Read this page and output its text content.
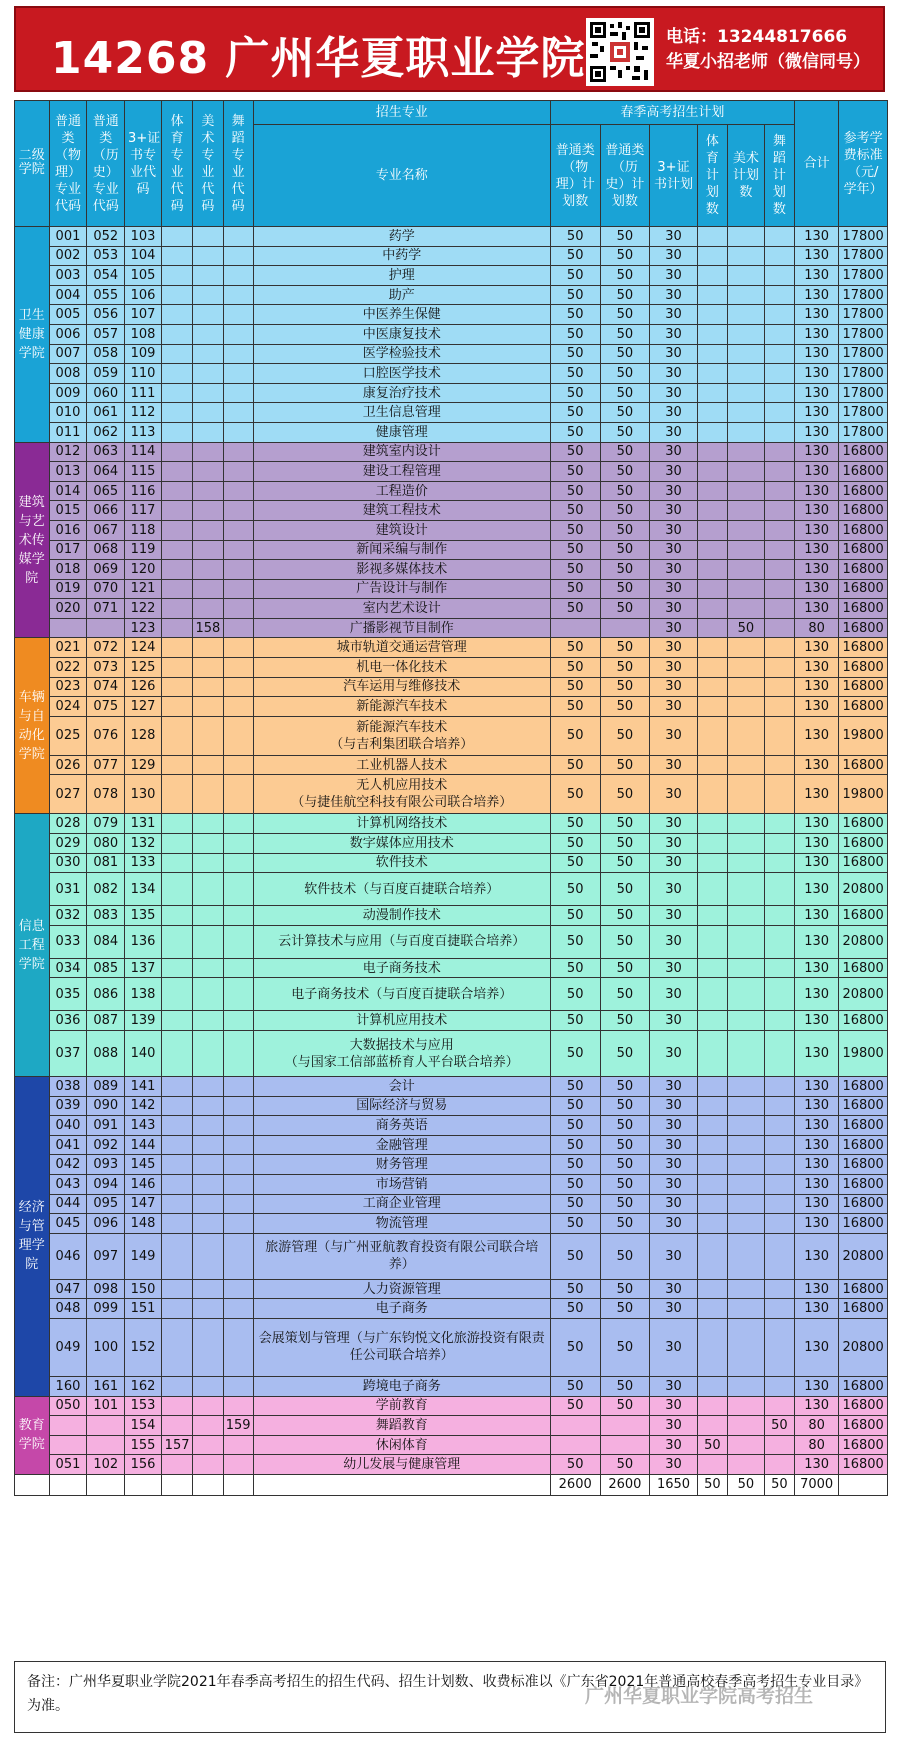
14268 广州华夏职业学院	电话：13244817666
华夏小招老师（微信同号）
二级学院	普通类（物理）专业代码	普通类（历史）专业代码	3+证书专业代码	体育专业代码	美术专业代码	舞蹈专业代码	招生专业	春季高考招生计划						合计	参考学费标准（元/学年）
							专业名称	普通类（物理）计划数	普通类（历史）计划数	3+证书计划	体育计划数	美术计划数	舞蹈计划数		
卫生健康学院	001	052	103				药学	50	50	30				130	17800
	002	053	104				中药学	50	50	30				130	17800
	003	054	105				护理	50	50	30				130	17800
	004	055	106				助产	50	50	30				130	17800
	005	056	107				中医养生保健	50	50	30				130	17800
	006	057	108				中医康复技术	50	50	30				130	17800
	007	058	109				医学检验技术	50	50	30				130	17800
	008	059	110				口腔医学技术	50	50	30				130	17800
	009	060	111				康复治疗技术	50	50	30				130	17800
	010	061	112				卫生信息管理	50	50	30				130	17800
	011	062	113				健康管理	50	50	30				130	17800
建筑与艺术传媒学院	012	063	114				建筑室内设计	50	50	30				130	16800
	013	064	115				建设工程管理	50	50	30				130	16800
	014	065	116				工程造价	50	50	30				130	16800
	015	066	117				建筑工程技术	50	50	30				130	16800
	016	067	118				建筑设计	50	50	30				130	16800
	017	068	119				新闻采编与制作	50	50	30				130	16800
	018	069	120				影视多媒体技术	50	50	30				130	16800
	019	070	121				广告设计与制作	50	50	30				130	16800
	020	071	122				室内艺术设计	50	50	30				130	16800
			123		158		广播影视节目制作			30		50		80	16800
车辆与自动化学院	021	072	124				城市轨道交通运营管理	50	50	30				130	16800
	022	073	125				机电一体化技术	50	50	30				130	16800
	023	074	126				汽车运用与维修技术	50	50	30				130	16800
	024	075	127				新能源汽车技术	50	50	30				130	16800
	025	076	128				新能源汽车技术
（与吉利集团联合培养）	50	50	30				130	19800
	026	077	129				工业机器人技术	50	50	30				130	16800
	027	078	130				无人机应用技术
（与捷佳航空科技有限公司联合培养）	50	50	30				130	19800
信息工程学院	028	079	131				计算机网络技术	50	50	30				130	16800
	029	080	132				数字媒体应用技术	50	50	30				130	16800
	030	081	133				软件技术	50	50	30				130	16800
	031	082	134				软件技术（与百度百捷联合培养）	50	50	30				130	20800
	032	083	135				动漫制作技术	50	50	30				130	16800
	033	084	136				云计算技术与应用（与百度百捷联合培养）	50	50	30				130	20800
	034	085	137				电子商务技术	50	50	30				130	16800
	035	086	138				电子商务技术（与百度百捷联合培养）	50	50	30				130	20800
	036	087	139				计算机应用技术	50	50	30				130	16800
	037	088	140				大数据技术与应用
（与国家工信部蓝桥育人平台联合培养）	50	50	30				130	19800
经济与管理学院	038	089	141				会计	50	50	30				130	16800
	039	090	142				国际经济与贸易	50	50	30				130	16800
	040	091	143				商务英语	50	50	30				130	16800
	041	092	144				金融管理	50	50	30				130	16800
	042	093	145				财务管理	50	50	30				130	16800
	043	094	146				市场营销	50	50	30				130	16800
	044	095	147				工商企业管理	50	50	30				130	16800
	045	096	148				物流管理	50	50	30				130	16800
	046	097	149				旅游管理（与广州亚航教育投资有限公司联合培养）	50	50	30				130	20800
	047	098	150				人力资源管理	50	50	30				130	16800
	048	099	151				电子商务	50	50	30				130	16800
	049	100	152				会展策划与管理（与广东钧悦文化旅游投资有限责任公司联合培养）	50	50	30				130	20800
	160	161	162				跨境电子商务	50	50	30				130	16800
教育学院	050	101	153				学前教育	50	50	30				130	16800
			154			159	舞蹈教育			30			50	80	16800
			155	157			休闲体育			30	50			80	16800
	051	102	156				幼儿发展与健康管理	50	50	30				130	16800
								2600	2600	1650	50	50	50	7000	
备注：广州华夏职业学院2021年春季高考招生的招生代码、招生计划数、收费标准以《广东省2021年普通高校春季高考招生专业目录》为准。	广州华夏职业学院高考招生
